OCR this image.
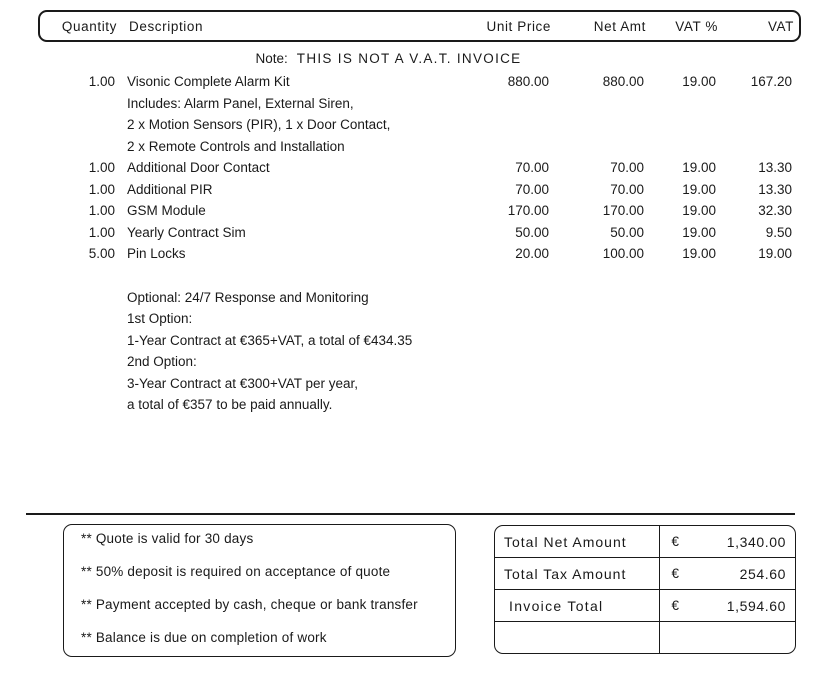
Quantity Description	Unit Price	Net Amt	VAT %	VAT
Note: THIS IS NOT A V.A.T. INVOICE
1.00 Visonic Complete Alarm Kit	880.00	880.00	19.00	167.20
Includes: Alarm Panel, External Siren,
2 x Motion Sensors (PIR), 1 x Door Contact,
2 x Remote Controls and Installation
1.00 Additional Door Contact	70.00	70.00	19.00	13.30
1.00 Additional PIR	70.00	70.00	19.00	13.30
1.00 GSM Module	170.00	170.00	19.00	32.30
1.00 Yearly Contract Sim	50.00	50.00	19.00	9.50
5.00 Pin Locks	20.00	100.00	19.00	19.00
Optional: 24/7 Response and Monitoring
1st Option:
1-Year Contract at €365+VAT, a total of €434.35
2nd Option:
3-Year Contract at €300+VAT per year,
a total of €357 to be paid annually.
** Quote is valid for 30 days
** 50% deposit is required on acceptance of quote
** Payment accepted by cash, cheque or bank transfer
** Balance is due on completion of work
Total Net Amount	€	1,340.00
Total Tax Amount	€	254.60
Invoice Total	€	1,594.60
